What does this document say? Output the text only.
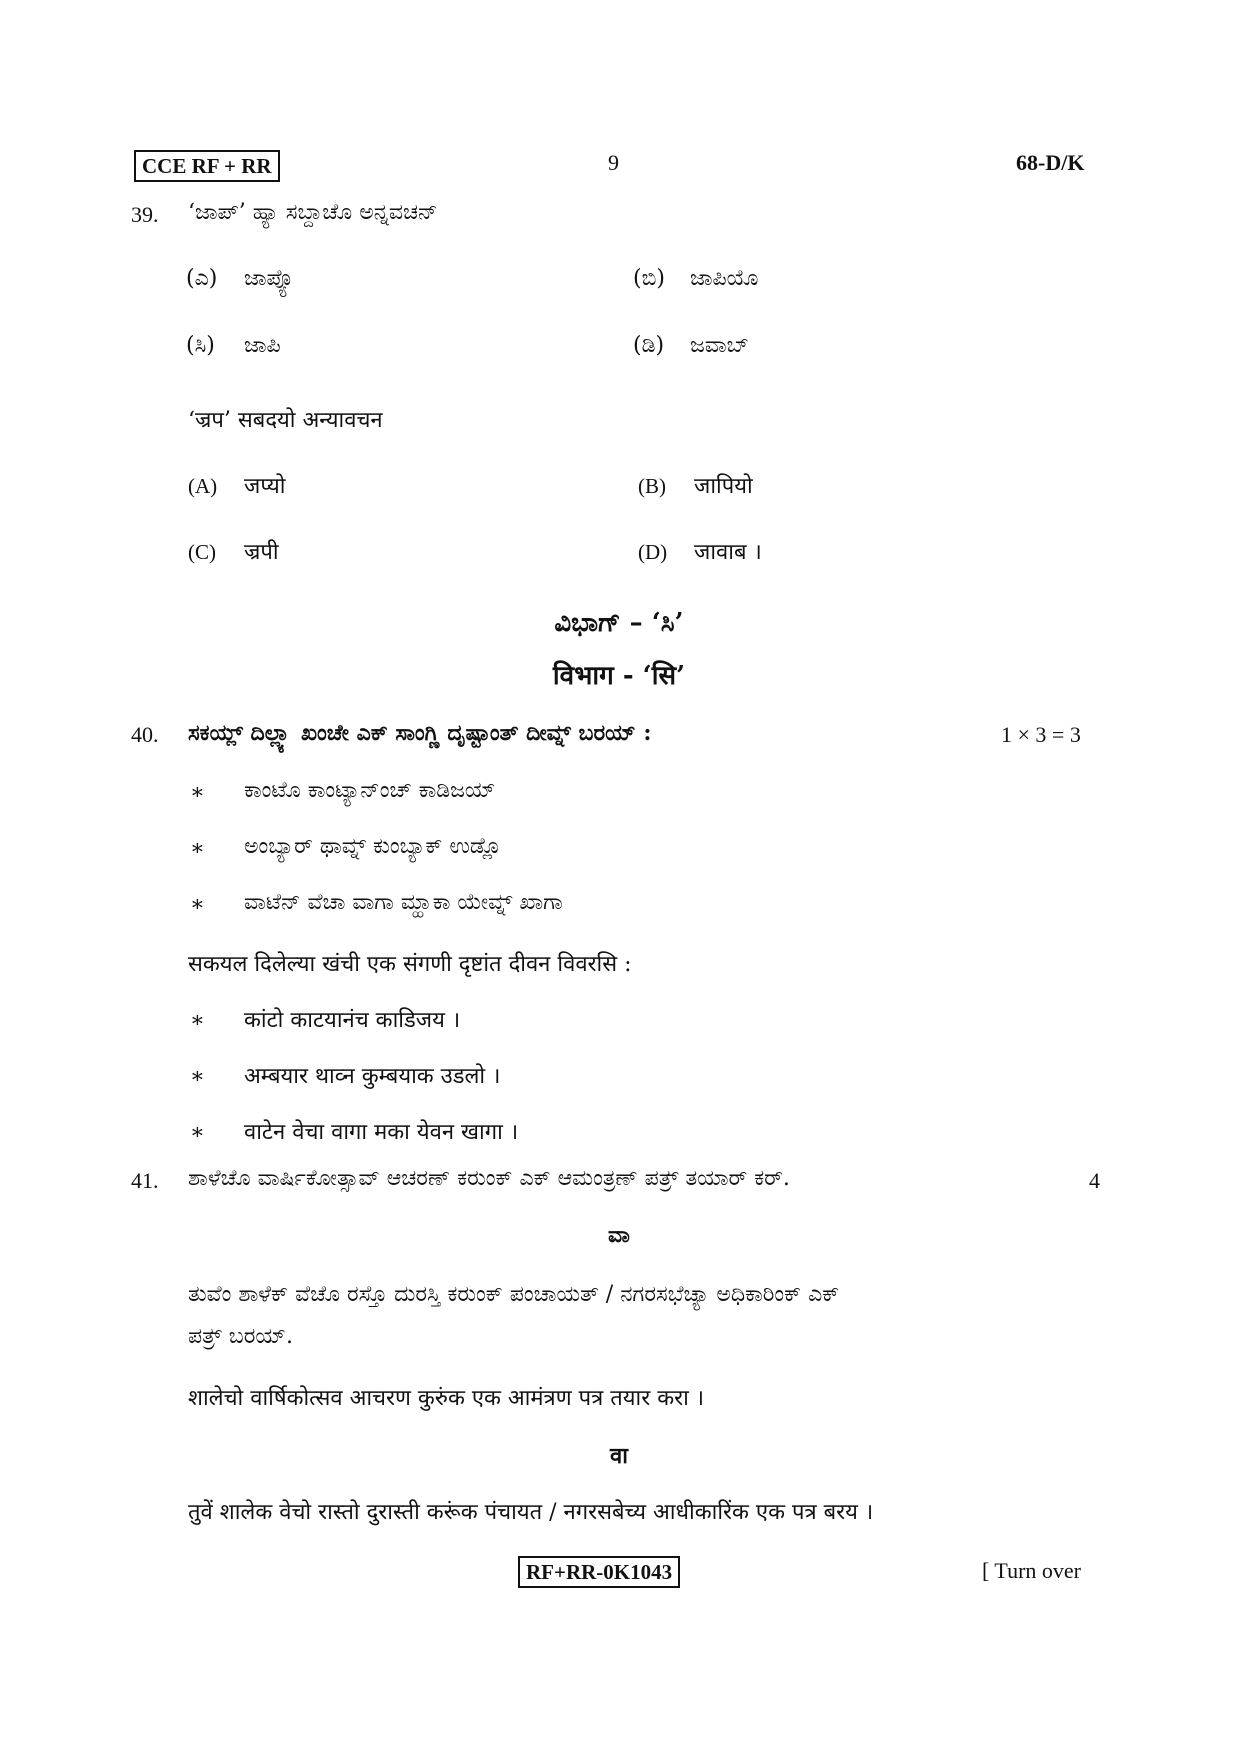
CCE RF + RR	9	68-D/K
39. ‘ಜಾಪ್’ ಹ್ಯಾ ಸಬ್ದಾಚೊ ಅನ್ನವಚನ್
(ಎ) ಜಾಪ್ಯೊ	(ಬಿ) ಜಾಪಿಯೊ
(ಸಿ) ಜಾಪಿ	(ಡಿ) ಜವಾಬ್
‘ज्रप’ सबदयो अन्यावचन
(A) जप्यो	(B) जापियो
(C) ज्रपी	(D) जावाब ।
ವಿಭಾಗ್ – ‘ಸಿ’
विभाग - ‘सि’
40. ಸಕಯ್ಲ್ ದಿಲ್ಲ್ಯಾ ಖಂಚೇ ಎಕ್ ಸಾಂಗ್ಣಿ ದೃಷ್ಟಾಂತ್ ದೀವ್ನ್ ಬರಯ್ :	1 × 3 = 3
∗ ಕಾಂಟೊ ಕಾಂಟ್ಯಾನ್ಂಚ್ ಕಾಡಿಜಯ್
∗ ಅಂಬ್ಯಾರ್ ಥಾವ್ನ್ ಕುಂಬ್ಯಾಕ್ ಉಡ್ಲೊ
∗ ವಾಟೆನ್ ವೆಚಾ ವಾಗಾ ಮ್ಹಾಕಾ ಯೇವ್ನ್ ಖಾಗಾ
सकयल दिलेल्या खंची एक संगणी दृष्टांत दीवन विवरसि :
∗ कांटो काटयानंच काडिजय ।
∗ अम्बयार थाव्न कुम्बयाक उडलो ।
∗ वाटेन वेचा वागा मका येवन खागा ।
41. ಶಾಳೆಚೊ ವಾರ್ಷಿಕೋತ್ಸಾವ್ ಆಚರಣ್ ಕರುಂಕ್ ಎಕ್ ಆಮಂತ್ರಣ್ ಪತ್ರ್ ತಯಾರ್ ಕರ್.	4
ವಾ
ತುವೆಂ ಶಾಳೆಕ್ ವೆಚೊ ರಸ್ತೊ ದುರಸ್ತಿ ಕರುಂಕ್ ಪಂಚಾಯತ್ / ನಗರಸಭೆಚ್ಯಾ ಅಧಿಕಾರಿಂಕ್ ಎಕ್
ಪತ್ರ್ ಬರಯ್.
शालेचो वार्षिकोत्सव आचरण कुरुंक एक आमंत्रण पत्र तयार करा ।
वा
तुवें शालेक वेचो रास्तो दुरास्ती करूंक पंचायत / नगरसबेच्य आधीकारिंक एक पत्र बरय ।
RF+RR-0K1043	[ Turn over
